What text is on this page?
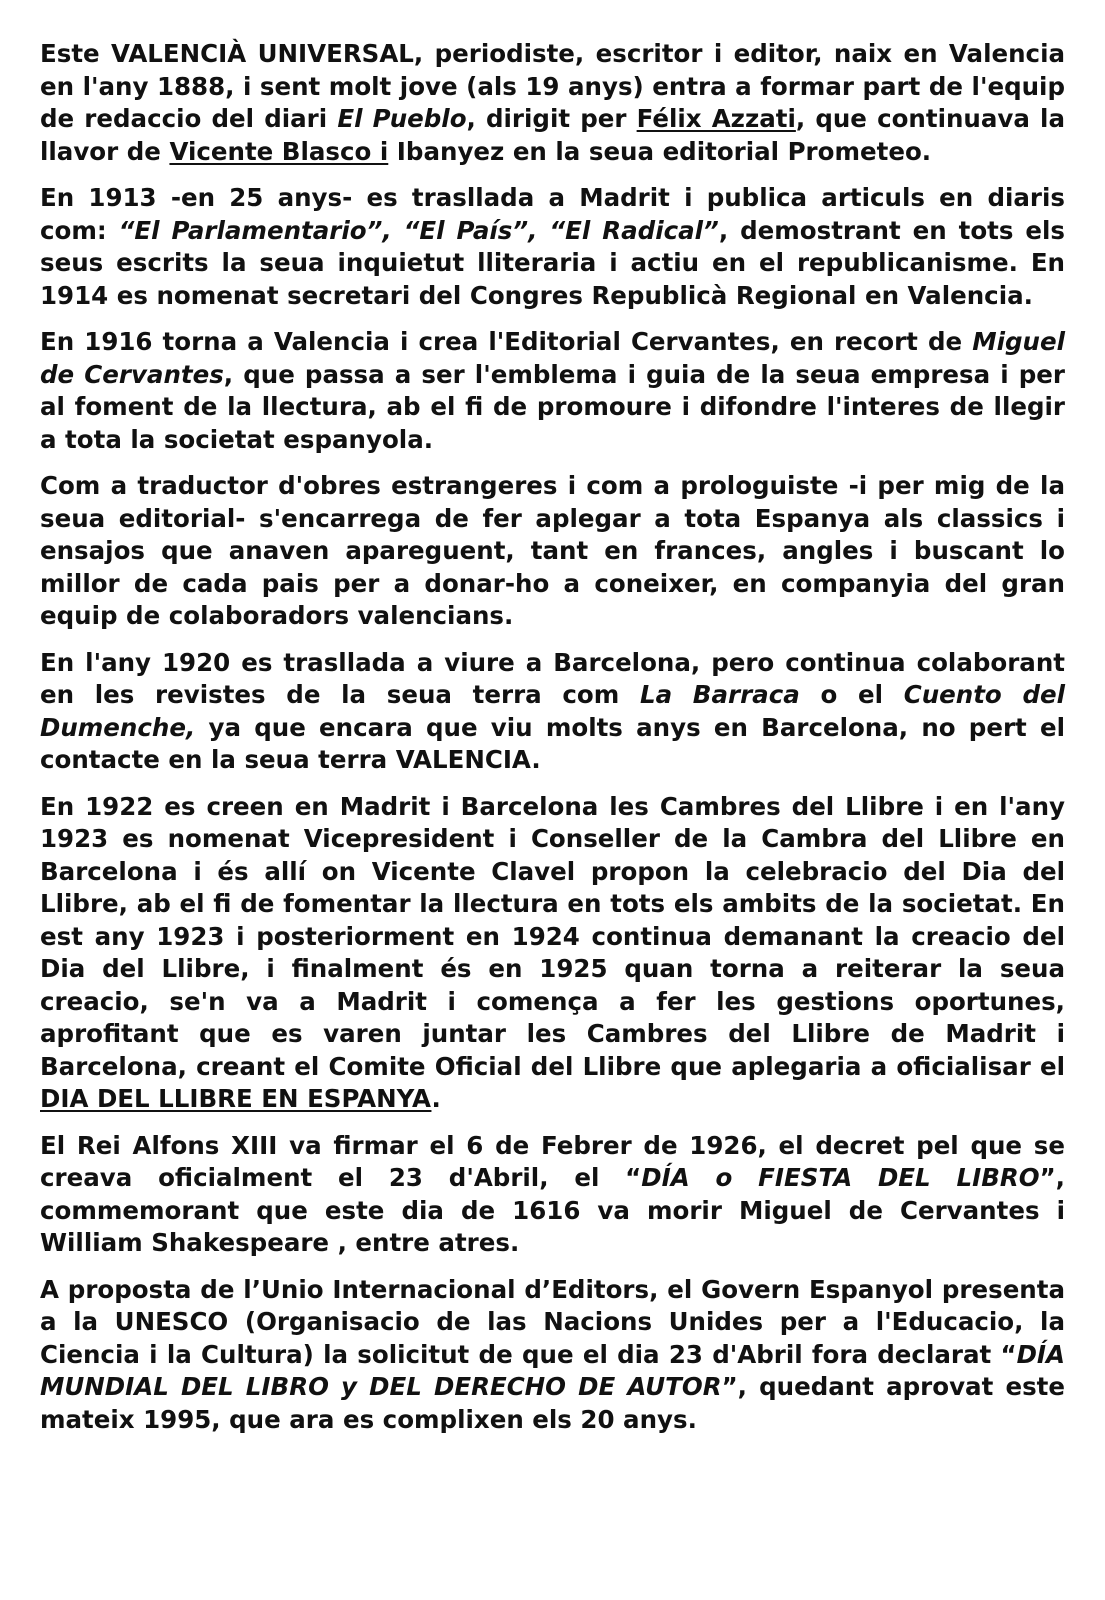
Este VALENCIÀ UNIVERSAL, periodiste, escritor i editor, naix en Valencia en l'any 1888, i sent molt jove (als 19 anys) entra a formar part de l'equip de redaccio del diari El Pueblo, dirigit per Félix Azzati, que continuava la llavor de Vicente Blasco i Ibanyez en la seua editorial Prometeo.

En 1913 -en 25 anys- es trasllada a Madrit i publica articuls en diaris com: “El Parlamentario”, “El País”, “El Radical”, demostrant en tots els seus escrits la seua inquietut lliteraria i actiu en el republicanisme. En 1914 es nomenat secretari del Congres Republicà Regional en Valencia.

En 1916 torna a Valencia i crea l'Editorial Cervantes, en recort de Miguel de Cervantes, que passa a ser l'emblema i guia de la seua empresa i per al foment de la llectura, ab el fi de promoure i difondre l'interes de llegir a tota la societat espanyola.

Com a traductor d'obres estrangeres i com a prologuiste -i per mig de la seua editorial- s'encarrega de fer aplegar a tota Espanya als classics i ensajos que anaven apareguent, tant en frances, angles i buscant lo millor de cada pais per a donar-ho a coneixer, en companyia del gran equip de colaboradors valencians.

En l'any 1920 es trasllada a viure a Barcelona, pero continua colaborant en les revistes de la seua terra com La Barraca o el Cuento del Dumenche, ya que encara que viu molts anys en Barcelona, no pert el contacte en la seua terra VALENCIA.

En 1922 es creen en Madrit i Barcelona les Cambres del Llibre i en l'any 1923 es nomenat Vicepresident i Conseller de la Cambra del Llibre en Barcelona i és allí on Vicente Clavel propon la celebracio del Dia del Llibre, ab el fi de fomentar la llectura en tots els ambits de la societat. En est any 1923 i posteriorment en 1924 continua demanant la creacio del Dia del Llibre, i finalment és en 1925 quan torna a reiterar la seua creacio, se'n va a Madrit i comença a fer les gestions oportunes, aprofitant que es varen juntar les Cambres del Llibre de Madrit i Barcelona, creant el Comite Oficial del Llibre que aplegaria a oficialisar el DIA DEL LLIBRE EN ESPANYA.

El Rei Alfons XIII va firmar el 6 de Febrer de 1926, el decret pel que se creava oficialment el 23 d'Abril, el “DÍA o FIESTA DEL LIBRO”, commemorant que este dia de 1616 va morir Miguel de Cervantes i William Shakespeare , entre atres.

A proposta de l’Unio Internacional d’Editors, el Govern Espanyol presenta a la UNESCO (Organisacio de las Nacions Unides per a l'Educacio, la Ciencia i la Cultura) la solicitut de que el dia 23 d'Abril fora declarat “DÍA MUNDIAL DEL LIBRO y DEL DERECHO DE AUTOR”, quedant aprovat este mateix 1995, que ara es complixen els 20 anys.
